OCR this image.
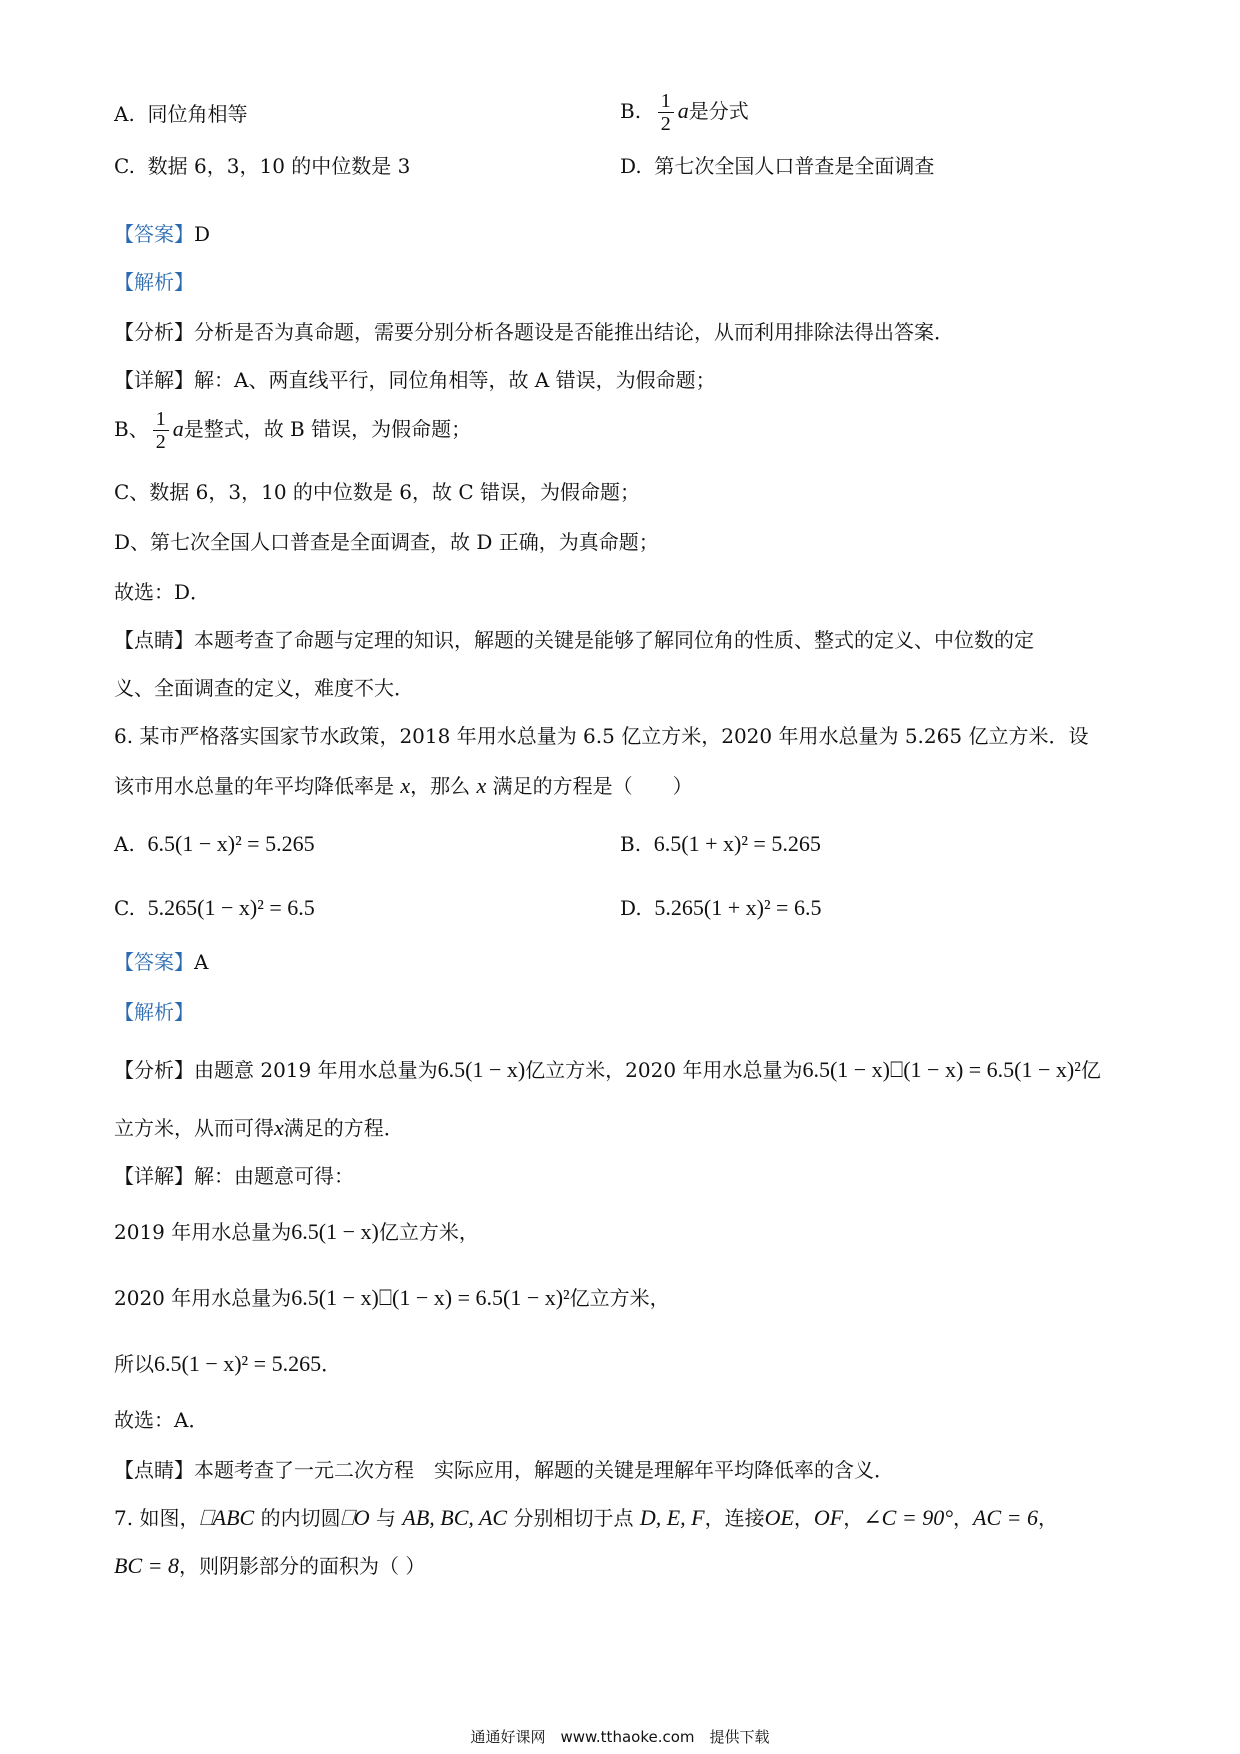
A. 同位角相等	B. $\frac{1}{2}$ a是分式
C. 数据 6，3，10 的中位数是 3	D. 第七次全国人口普查是全面调查
【答案】D
【解析】
【分析】分析是否为真命题，需要分别分析各题设是否能推出结论，从而利用排除法得出答案．
【详解】解：A、两直线平行，同位角相等，故 A 错误，为假命题；
B、 $\frac{1}{2}$ a是整式，故 B 错误，为假命题；
C、数据 6，3，10 的中位数是 6，故 C 错误，为假命题；
D、第七次全国人口普查是全面调查，故 D 正确，为真命题；
故选：D．
【点睛】本题考查了命题与定理的知识，解题的关键是能够了解同位角的性质、整式的定义、中位数的定
义、全面调查的定义，难度不大．
6. 某市严格落实国家节水政策，2018 年用水总量为 6.5 亿立方米，2020 年用水总量为 5.265 亿立方米．设
该市用水总量的年平均降低率是 x，那么 x 满足的方程是（　　）
A. 6.5(1 − x)² = 5.265	B. 6.5(1 + x)² = 5.265
C. 5.265(1 − x)² = 6.5	D. 5.265(1 + x)² = 6.5
【答案】A
【解析】
【分析】由题意 2019 年用水总量为6.5(1 − x)亿立方米，2020 年用水总量为6.5(1 − x)⎕(1 − x) = 6.5(1 − x)²亿
立方米，从而可得x满足的方程．
【详解】解：由题意可得：
2019 年用水总量为6.5(1 − x)亿立方米，
2020 年用水总量为6.5(1 − x)⎕(1 − x) = 6.5(1 − x)²亿立方米，
所以6.5(1 − x)² = 5.265．
故选：A．
【点睛】本题考查了一元二次方程　实际应用，解题的关键是理解年平均降低率的含义．
7. 如图，⎕ABC 的内切圆⎕O 与 AB, BC, AC 分别相切于点 D, E, F，连接OE，OF，∠C = 90°，AC = 6，
BC = 8，则阴影部分的面积为（ ）
通通好课网　www.tthaoke.com　提供下载
